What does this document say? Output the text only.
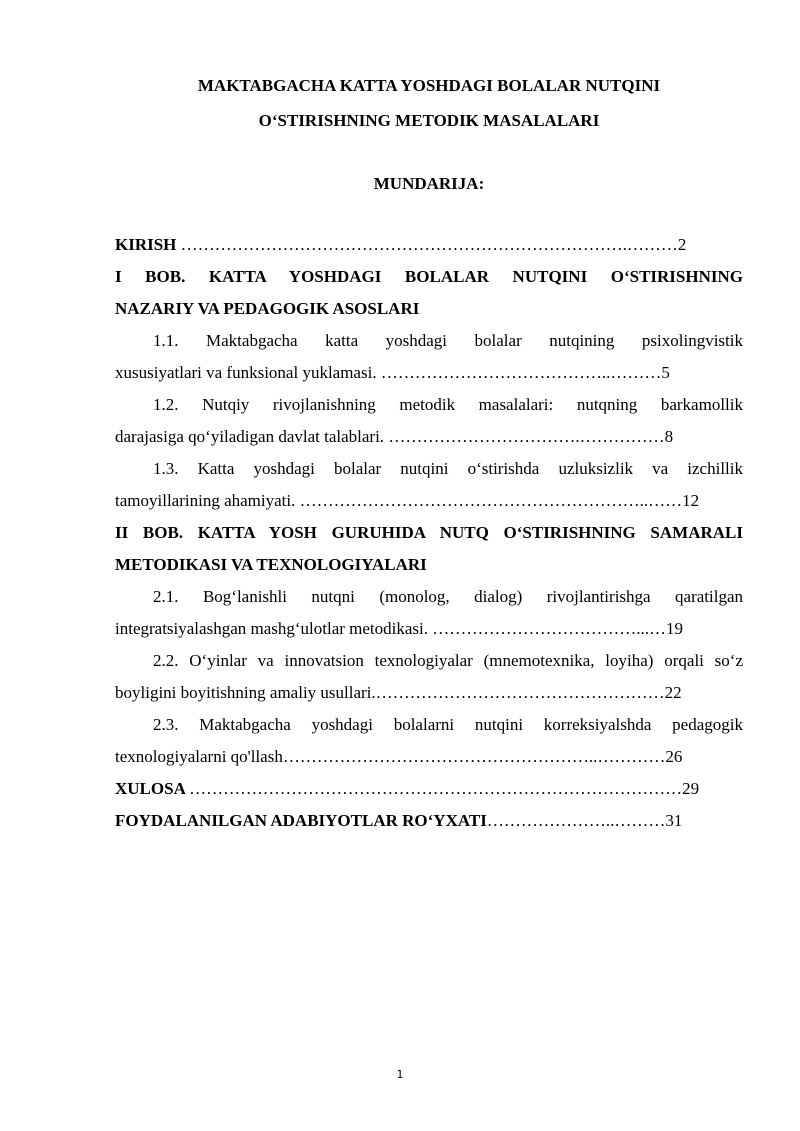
MAKTABGACHA KATTA YOSHDAGI BOLALAR NUTQINI

O‘STIRISHNING METODIK MASALALARI

MUNDARIJA:

KIRISH …………………………………………………………………….………2
I BOB. KATTA YOSHDAGI BOLALAR NUTQINI O‘STIRISHNING
NAZARIY VA PEDAGOGIK ASOSLARI
1.1. Maktabgacha katta yoshdagi bolalar nutqining psixolingvistik
xususiyatlari va funksional yuklamasi. …………………………………..………5
1.2. Nutqiy rivojlanishning metodik masalalari: nutqning barkamollik
darajasiga qo‘yiladigan davlat talablari. …………………………….……………8
1.3. Katta yoshdagi bolalar nutqini o‘stirishda uzluksizlik va izchillik
tamoyillarining ahamiyati. ……………………………………………………..……12
II BOB. KATTA YOSH GURUHIDA NUTQ O‘STIRISHNING SAMARALI
METODIKASI VA TEXNOLOGIYALARI
2.1. Bog‘lanishli nutqni (monolog, dialog) rivojlantirishga qaratilgan
integratsiyalashgan mashg‘ulotlar metodikasi. ………………………………...…19
2.2. O‘yinlar va innovatsion texnologiyalar (mnemotexnika, loyiha) orqali so‘z
boyligini boyitishning amaliy usullari.……………………………………………22
2.3. Maktabgacha yoshdagi bolalarni nutqini korreksiyalshda pedagogik
texnologiyalarni qo'llash………………………………………………..…………26
XULOSA ……………………………………………………………………………29
FOYDALANILGAN ADABIYOTLAR RO‘YXATI…………………..………31
1
